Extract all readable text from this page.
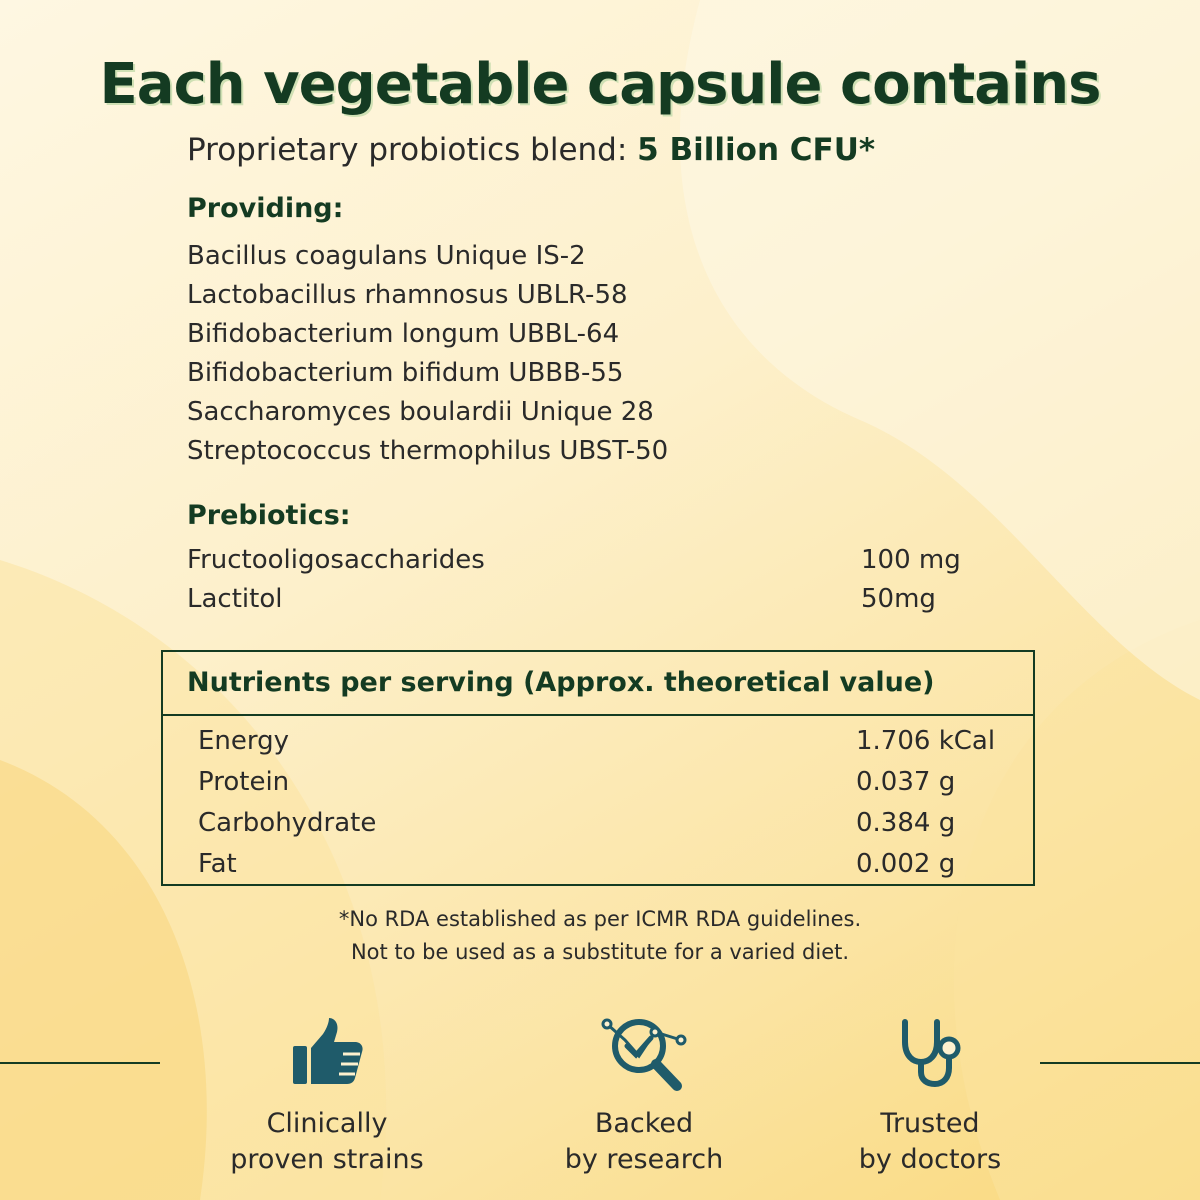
Each vegetable capsule contains
Proprietary probiotics blend: 5 Billion CFU*
Providing:
Bacillus coagulans Unique IS-2
Lactobacillus rhamnosus UBLR-58
Bifidobacterium longum UBBL-64
Bifidobacterium bifidum UBBB-55
Saccharomyces boulardii Unique 28
Streptococcus thermophilus UBST-50
Prebiotics:
Fructooligosaccharides	100 mg
Lactitol	50mg
Nutrients per serving (Approx. theoretical value)
Energy	1.706 kCal
Protein	0.037 g
Carbohydrate	0.384 g
Fat	0.002 g
*No RDA established as per ICMR RDA guidelines.
Not to be used as a substitute for a varied diet.
Clinically
proven strains
Backed
by research
Trusted
by doctors
